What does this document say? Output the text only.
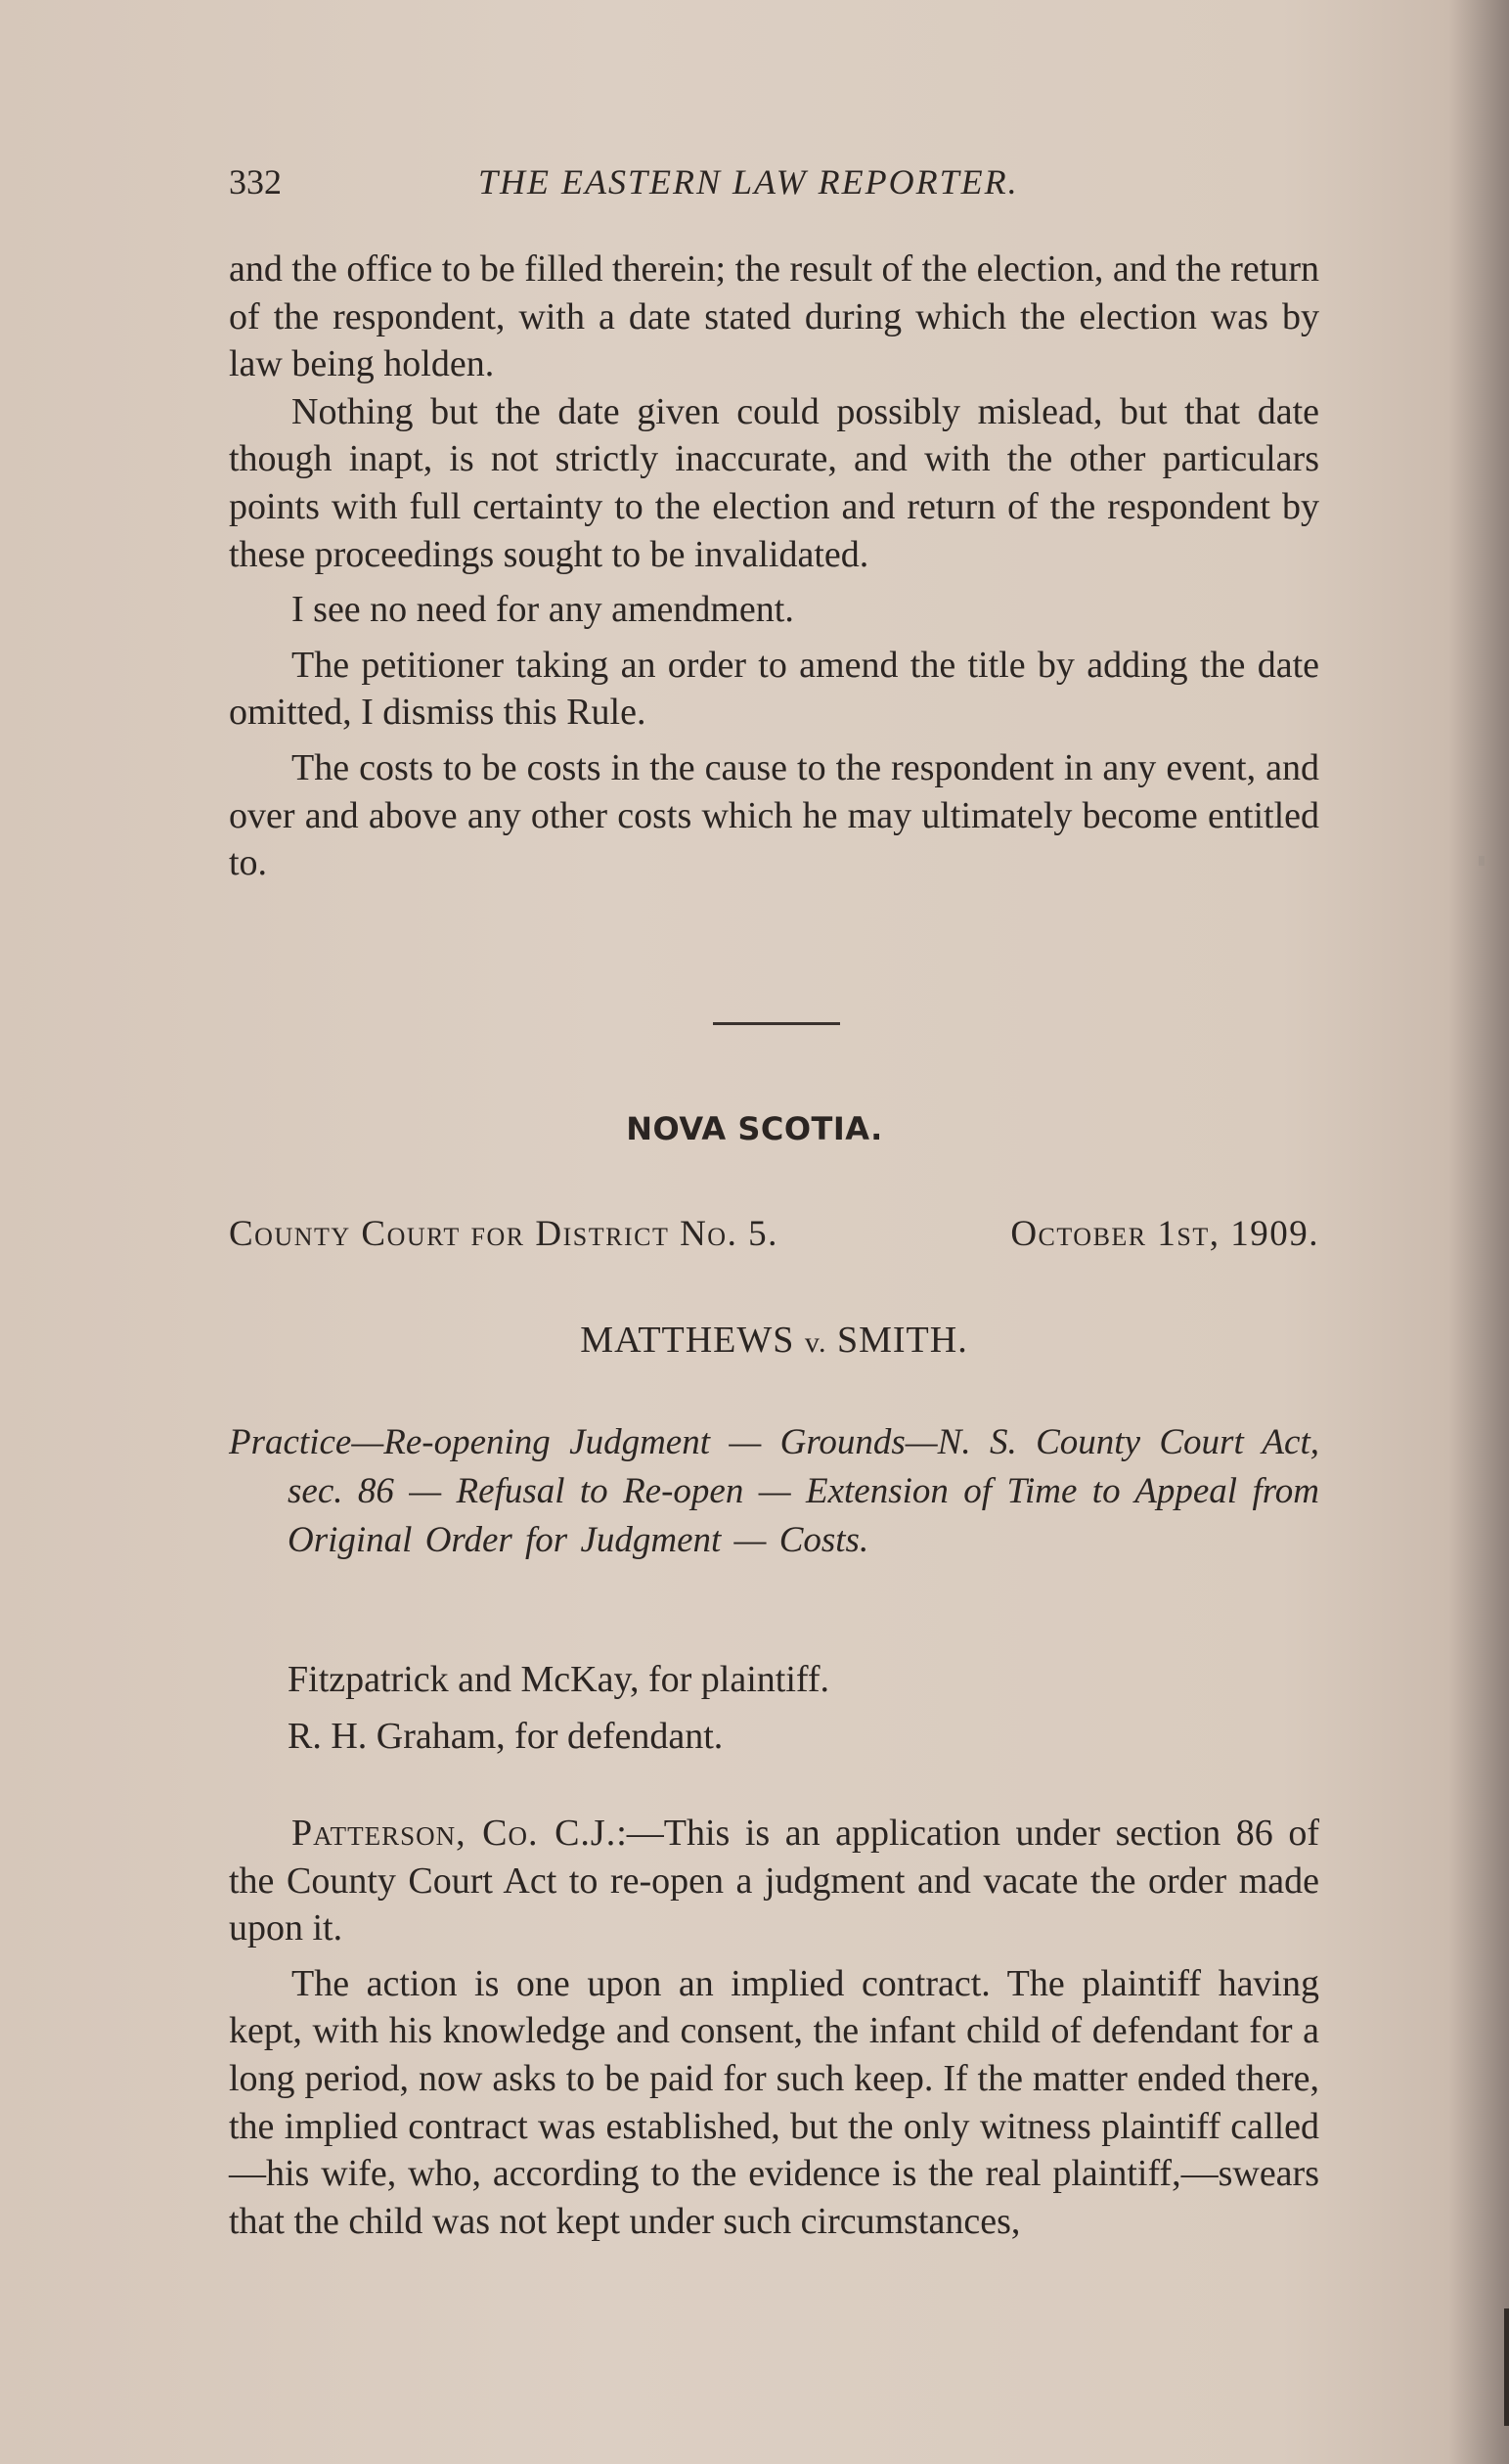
332	THE EASTERN LAW REPORTER.

and the office to be filled therein; the result of the election, and the return of the respondent, with a date stated during which the election was by law being holden.

Nothing but the date given could possibly mislead, but that date though inapt, is not strictly inaccurate, and with the other particulars points with full certainty to the election and return of the respondent by these proceedings sought to be invalidated.

I see no need for any amendment.

The petitioner taking an order to amend the title by adding the date omitted, I dismiss this Rule.

The costs to be costs in the cause to the respondent in any event, and over and above any other costs which he may ultimately become entitled to.

NOVA SCOTIA.
County Court for District No. 5.	October 1st, 1909.
MATTHEWS v. SMITH.
Practice—Re-opening Judgment — Grounds—N. S. County Court Act, sec. 86 — Refusal to Re-open — Extension of Time to Appeal from Original Order for Judgment — Costs.
Fitzpatrick and McKay, for plaintiff.
R. H. Graham, for defendant.

Patterson, Co. C.J.:—This is an application under section 86 of the County Court Act to re-open a judgment and vacate the order made upon it.

The action is one upon an implied contract. The plaintiff having kept, with his knowledge and consent, the infant child of defendant for a long period, now asks to be paid for such keep. If the matter ended there, the implied contract was established, but the only witness plaintiff called—his wife, who, according to the evidence is the real plaintiff,—swears that the child was not kept under such circumstances,
